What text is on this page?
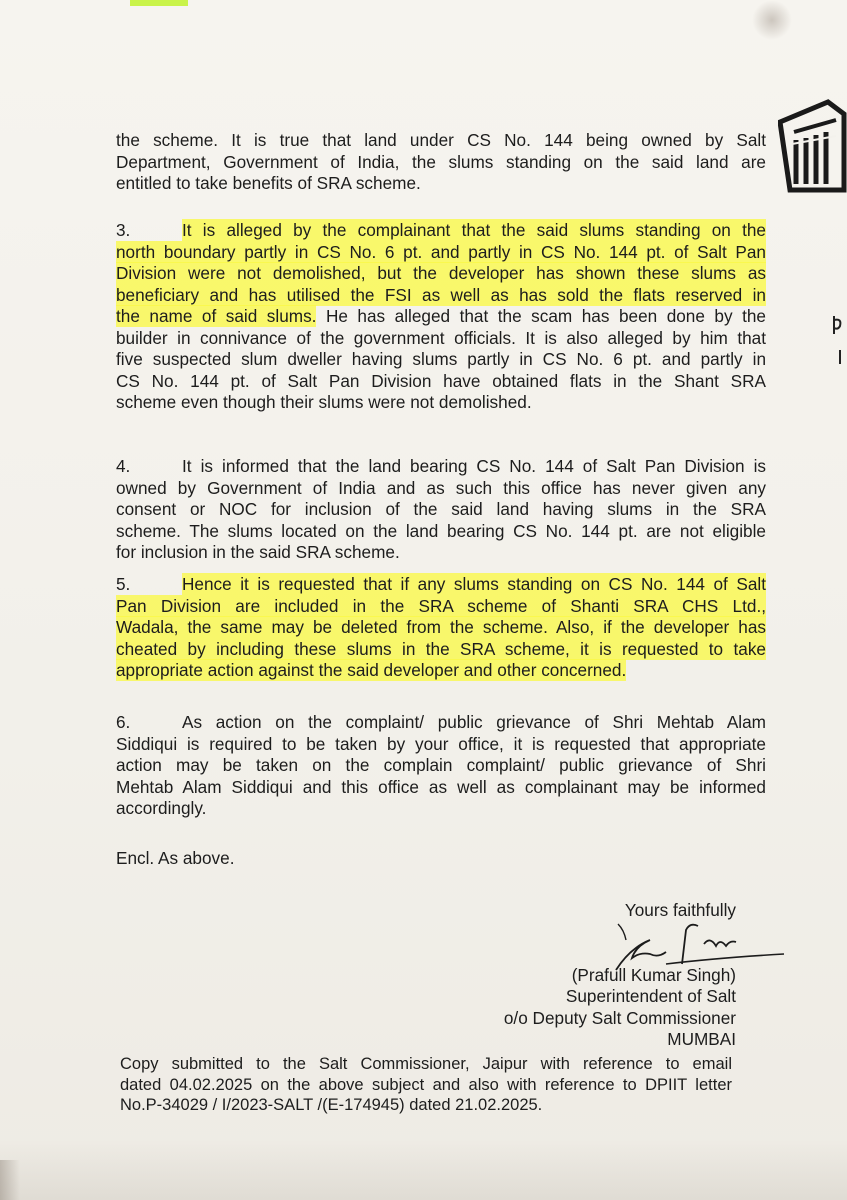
the scheme. It is true that land under CS No. 144 being owned by Salt
Department, Government of India, the slums standing on the said land are
entitled to take benefits of SRA scheme.
3.	It is alleged by the complainant that the said slums standing on the
north boundary partly in CS No. 6 pt. and partly in CS No. 144 pt. of Salt Pan
Division were not demolished, but the developer has shown these slums as
beneficiary and has utilised the FSI as well as has sold the flats reserved in
the name of said slums. He has alleged that the scam has been done by the
builder in connivance of the government officials. It is also alleged by him that
five suspected slum dweller having slums partly in CS No. 6 pt. and partly in
CS No. 144 pt. of Salt Pan Division have obtained flats in the Shant SRA
scheme even though their slums were not demolished.
4.	It is informed that the land bearing CS No. 144 of Salt Pan Division is
owned by Government of India and as such this office has never given any
consent or NOC for inclusion of the said land having slums in the SRA
scheme. The slums located on the land bearing CS No. 144 pt. are not eligible
for inclusion in the said SRA scheme.
5.	Hence it is requested that if any slums standing on CS No. 144 of Salt
Pan Division are included in the SRA scheme of Shanti SRA CHS Ltd.,
Wadala, the same may be deleted from the scheme. Also, if the developer has
cheated by including these slums in the SRA scheme, it is requested to take
appropriate action against the said developer and other concerned.
6.	As action on the complaint/ public grievance of Shri Mehtab Alam
Siddiqui is required to be taken by your office, it is requested that appropriate
action may be taken on the complain complaint/ public grievance of Shri
Mehtab Alam Siddiqui and this office as well as complainant may be informed
accordingly.
Encl. As above.
Yours faithfully
(Prafull Kumar Singh)
Superintendent of Salt
o/o Deputy Salt Commissioner
MUMBAI
Copy submitted to the Salt Commissioner, Jaipur with reference to email
dated 04.02.2025 on the above subject and also with reference to DPIIT letter
No.P-34029 / I/2023-SALT /(E-174945) dated 21.02.2025.
